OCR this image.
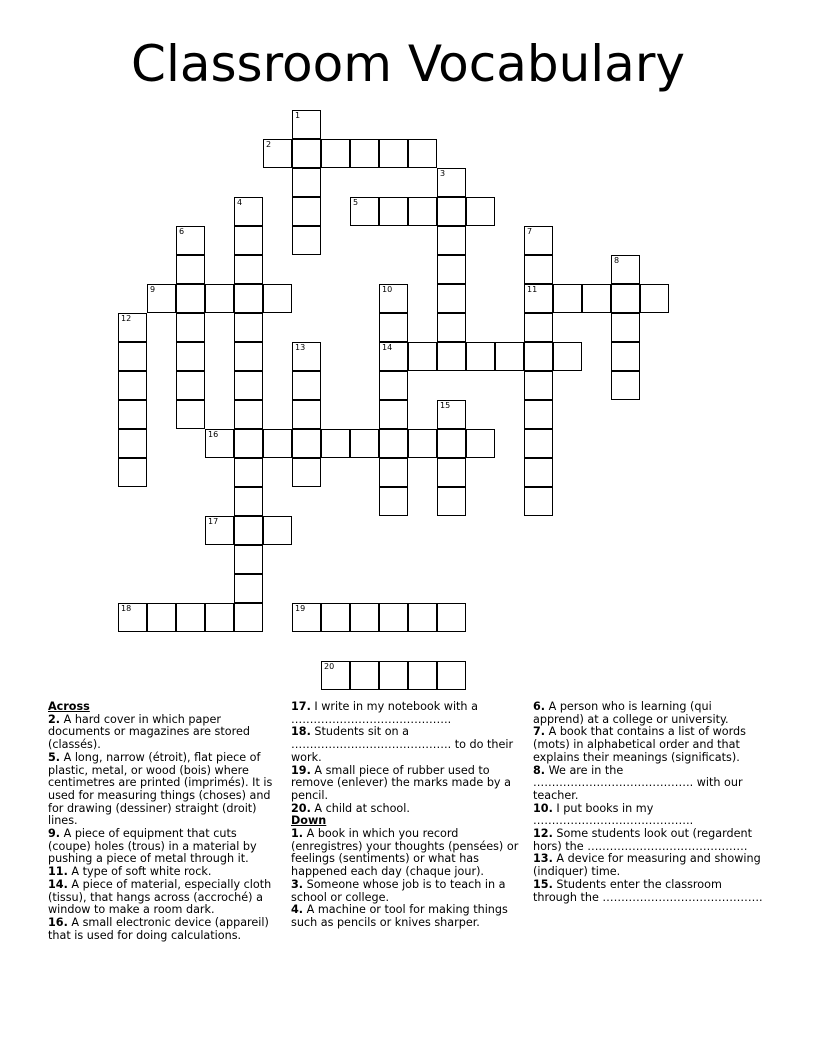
Classroom Vocabulary
1
2
3
4	5
6	7
8
9	10	11
12
13	14
15
16
17
18	19
20

Across

2. A hard cover in which paper documents or magazines are stored (classés).

5. A long, narrow (étroit), flat piece of plastic, metal, or wood (bois) where centimetres are printed (imprimés). It is used for measuring things (choses) and for drawing (dessiner) straight (droit) lines.

9. A piece of equipment that cuts (coupe) holes (trous) in a material by pushing a piece of metal through it.

11. A type of soft white rock.

14. A piece of material, especially cloth (tissu), that hangs across (accroché) a window to make a room dark.

16. A small electronic device (appareil) that is used for doing calculations.

17. I write in my notebook with a …………………………………….

18. Students sit on a ……………………………………. to do their work.

19. A small piece of rubber used to remove (enlever) the marks made by a pencil.

20. A child at school.

Down

1. A book in which you record (enregistres) your thoughts (pensées) or feelings (sentiments) or what has happened each day (chaque jour).

3. Someone whose job is to teach in a school or college.

4. A machine or tool for making things such as pencils or knives sharper.

6. A person who is learning (qui apprend) at a college or university.

7. A book that contains a list of words (mots) in alphabetical order and that explains their meanings (significats).

8. We are in the ……………………………………. with our teacher.

10. I put books in my …………………………………….

12. Some students look out (regardent hors) the …………………………………….

13. A device for measuring and showing (indiquer) time.

15. Students enter the classroom through the …………………………………….
